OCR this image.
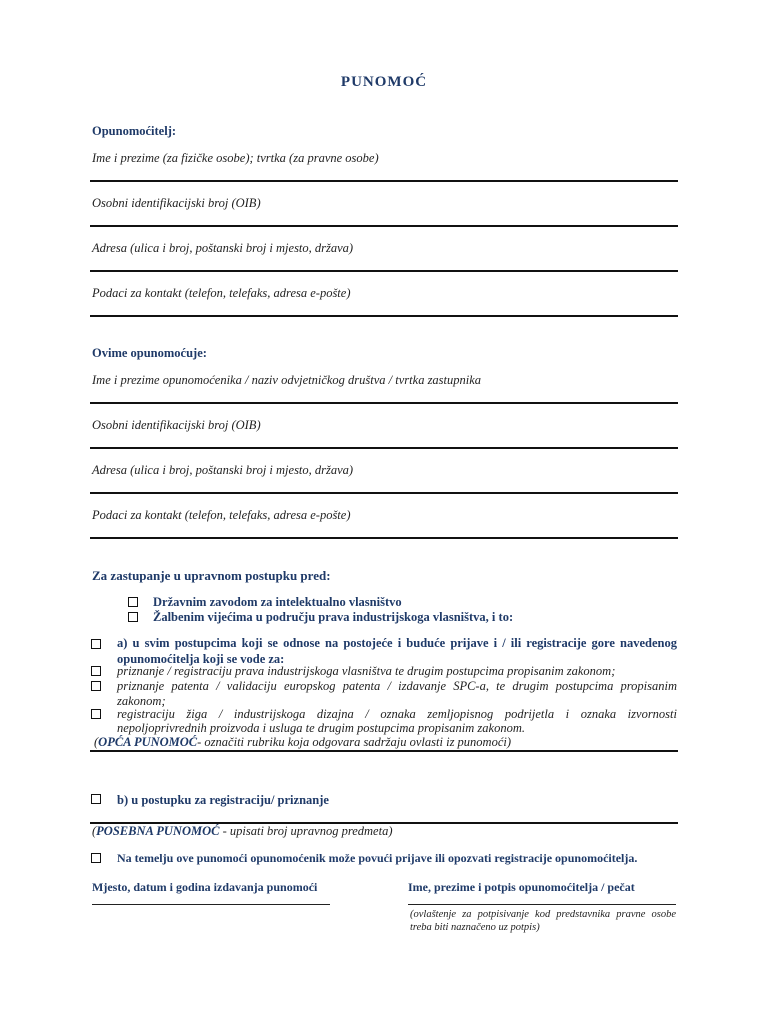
PUNOMOĆ
Opunomoćitelj:
Ime i prezime (za fizičke osobe); tvrtka (za pravne osobe)
Osobni identifikacijski broj (OIB)
Adresa (ulica i broj, poštanski broj i mjesto, država)
Podaci za kontakt (telefon, telefaks, adresa e-pošte)
Ovime opunomoćuje:
Ime i prezime opunomoćenika / naziv odvjetničkog društva / tvrtka zastupnika
Osobni identifikacijski broj (OIB)
Adresa (ulica i broj, poštanski broj i mjesto, država)
Podaci za kontakt (telefon, telefaks, adresa e-pošte)
Za zastupanje u upravnom postupku pred:
Državnim zavodom za intelektualno vlasništvo
Žalbenim vijećima u području prava industrijskoga vlasništva, i to:
a) u svim postupcima koji se odnose na postojeće i buduće prijave i / ili registracije gore navedenog opunomoćitelja koji se vode za:
priznanje / registraciju prava industrijskoga vlasništva te drugim postupcima propisanim zakonom;
priznanje patenta / validaciju europskog patenta / izdavanje SPC-a, te drugim postupcima propisanim zakonom;
registraciju žiga / industrijskoga dizajna / oznaka zemljopisnog podrijetla i oznaka izvornosti nepoljoprivrednih proizvoda i usluga te drugim postupcima propisanim zakonom.
(OPĆA PUNOMOĆ- označiti rubriku koja odgovara sadržaju ovlasti iz punomoći)
b) u postupku za registraciju/ priznanje
(POSEBNA PUNOMOĆ - upisati broj upravnog predmeta)
Na temelju ove punomoći opunomoćenik može povući prijave ili opozvati registracije opunomoćitelja.
Mjesto, datum i godina izdavanja punomoći	Ime, prezime i potpis opunomoćitelja / pečat
(ovlaštenje za potpisivanje kod predstavnika pravne osobe treba biti naznačeno uz potpis)
